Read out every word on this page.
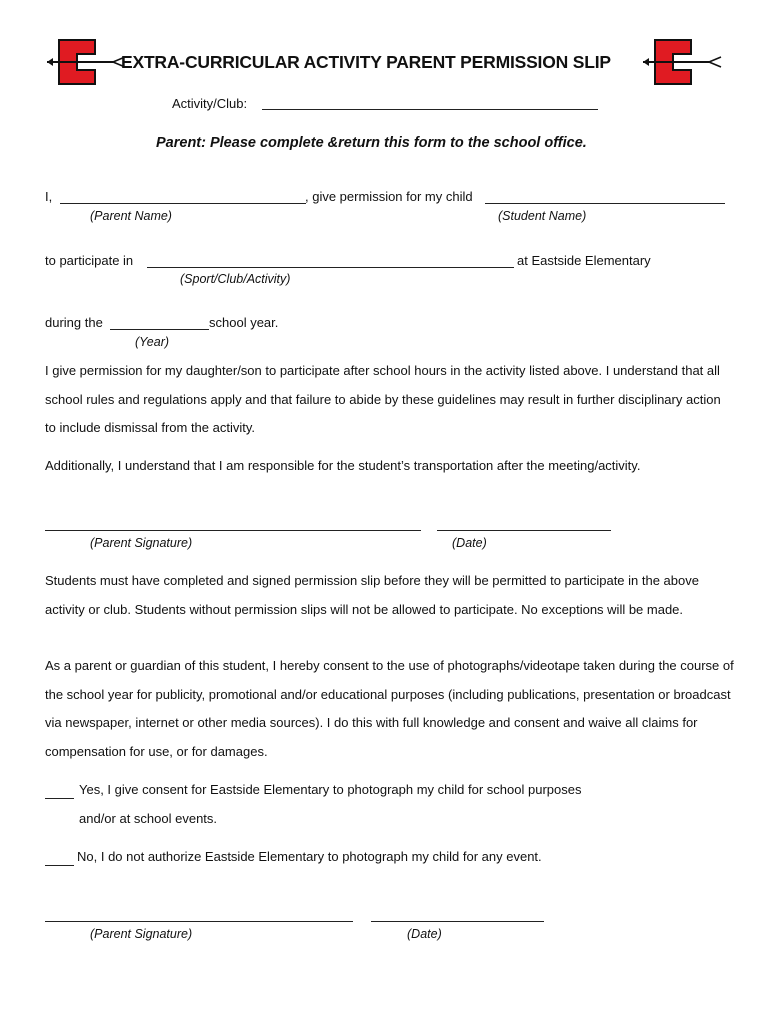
EXTRA-CURRICULAR ACTIVITY PARENT PERMISSION SLIP
Activity/Club:
Parent: Please complete &return this form to the school office.
I,	, give permission for my child
(Parent Name)	(Student Name)
to participate in	at Eastside Elementary
(Sport/Club/Activity)
during the	school year.
(Year)
I give permission for my daughter/son to participate after school hours in the activity listed above. I understand that all school rules and regulations apply and that failure to abide by these guidelines may result in further disciplinary action to include dismissal from the activity.
Additionally, I understand that I am responsible for the student’s transportation after the meeting/activity.
(Parent Signature)	(Date)
Students must have completed and signed permission slip before they will be permitted to participate in the above activity or club. Students without permission slips will not be allowed to participate. No exceptions will be made.
As a parent or guardian of this student, I hereby consent to the use of photographs/videotape taken during the course of the school year for publicity, promotional and/or educational purposes (including publications, presentation or broadcast via newspaper, internet or other media sources). I do this with full knowledge and consent and waive all claims for compensation for use, or for damages.
Yes, I give consent for Eastside Elementary to photograph my child for school purposes
and/or at school events.
No, I do not authorize Eastside Elementary to photograph my child for any event.
(Parent Signature)	(Date)
